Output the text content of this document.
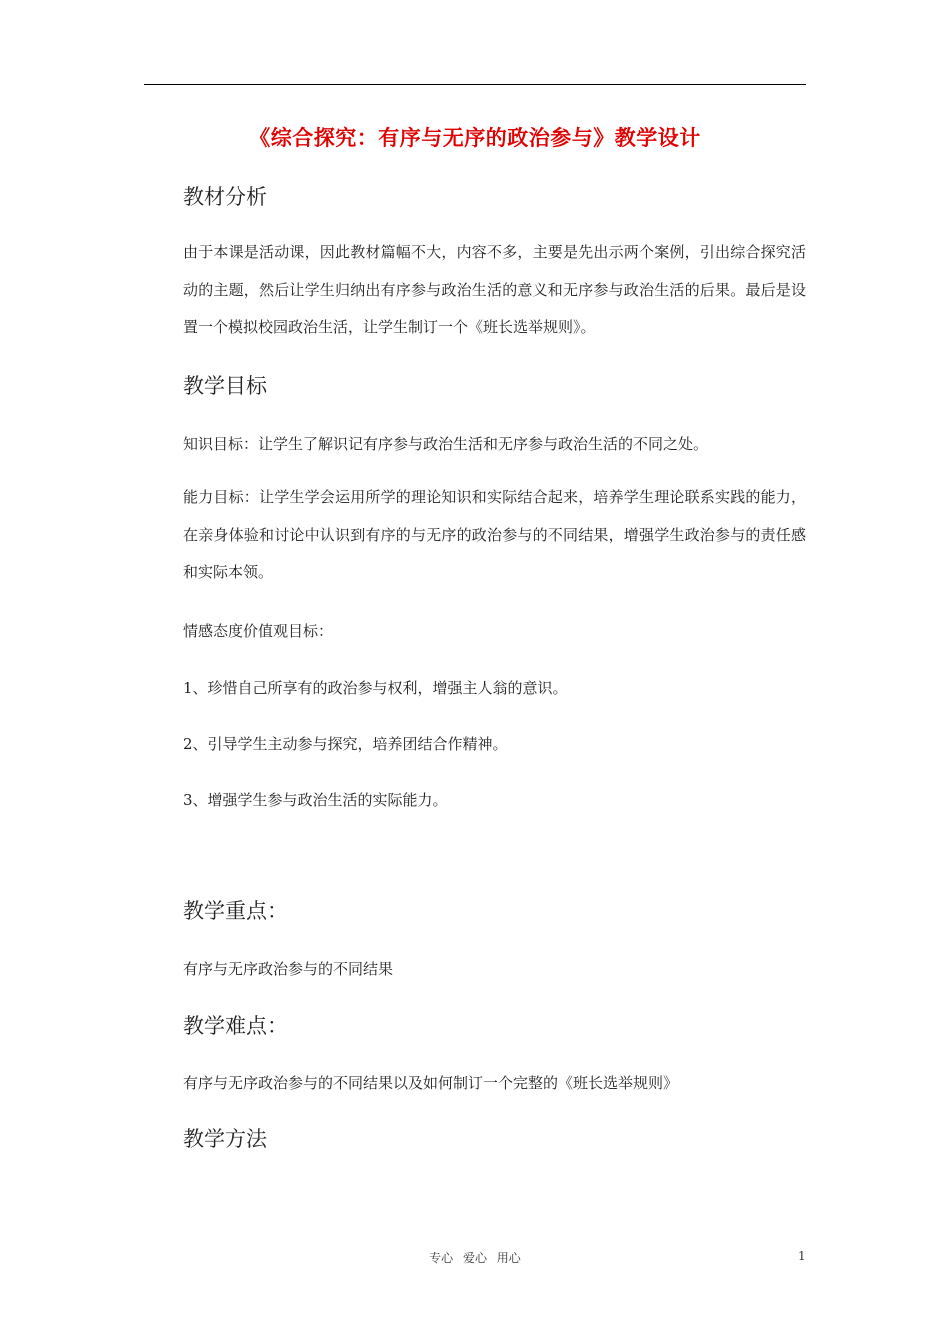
《综合探究：有序与无序的政治参与》教学设计
教材分析
由于本课是活动课，因此教材篇幅不大，内容不多，主要是先出示两个案例，引出综合探究活动的主题，然后让学生归纳出有序参与政治生活的意义和无序参与政治生活的后果。最后是设置一个模拟校园政治生活，让学生制订一个《班长选举规则》。
教学目标
知识目标：让学生了解识记有序参与政治生活和无序参与政治生活的不同之处。
能力目标：让学生学会运用所学的理论知识和实际结合起来，培养学生理论联系实践的能力，在亲身体验和讨论中认识到有序的与无序的政治参与的不同结果，增强学生政治参与的责任感和实际本领。
情感态度价值观目标：
1、珍惜自己所享有的政治参与权利，增强主人翁的意识。
2、引导学生主动参与探究，培养团结合作精神。
3、增强学生参与政治生活的实际能力。
教学重点：
有序与无序政治参与的不同结果
教学难点：
有序与无序政治参与的不同结果以及如何制订一个完整的《班长选举规则》
教学方法
专心 爱心 用心	1
